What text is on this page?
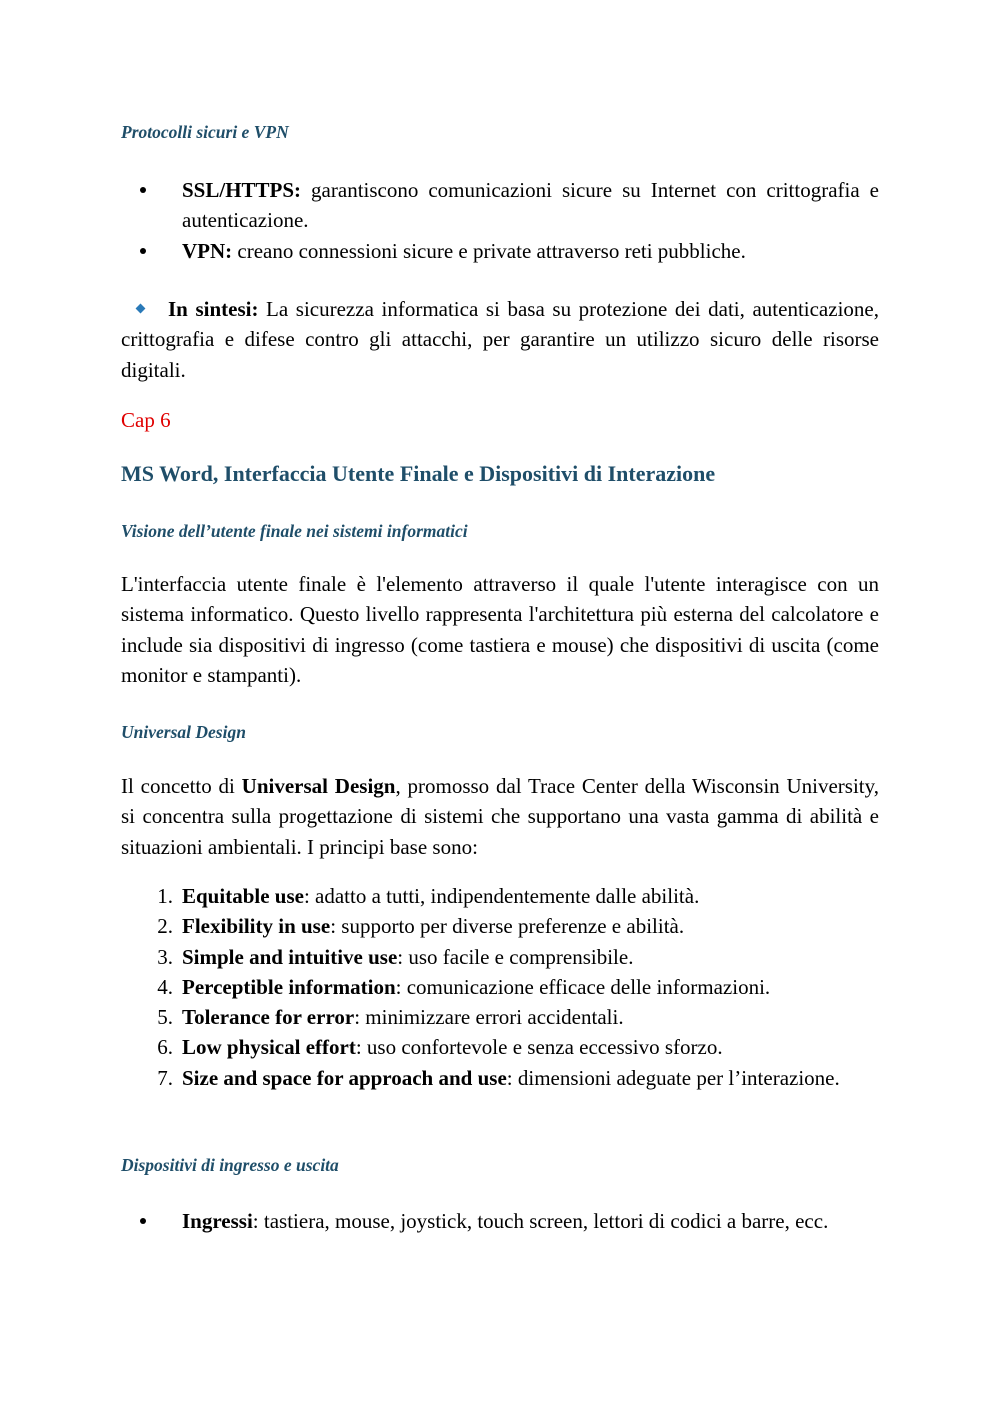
Protocolli sicuri e VPN
SSL/HTTPS: garantiscono comunicazioni sicure su Internet con crittografia e autenticazione.
VPN: creano connessioni sicure e private attraverso reti pubbliche.
In sintesi: La sicurezza informatica si basa su protezione dei dati, autenticazione, crittografia e difese contro gli attacchi, per garantire un utilizzo sicuro delle risorse digitali.
Cap 6
MS Word, Interfaccia Utente Finale e Dispositivi di Interazione
Visione dell’utente finale nei sistemi informatici
L'interfaccia utente finale è l'elemento attraverso il quale l'utente interagisce con un sistema informatico. Questo livello rappresenta l'architettura più esterna del calcolatore e include sia dispositivi di ingresso (come tastiera e mouse) che dispositivi di uscita (come monitor e stampanti).
Universal Design
Il concetto di Universal Design, promosso dal Trace Center della Wisconsin University, si concentra sulla progettazione di sistemi che supportano una vasta gamma di abilità e situazioni ambientali. I principi base sono:
1. Equitable use: adatto a tutti, indipendentemente dalle abilità.
2. Flexibility in use: supporto per diverse preferenze e abilità.
3. Simple and intuitive use: uso facile e comprensibile.
4. Perceptible information: comunicazione efficace delle informazioni.
5. Tolerance for error: minimizzare errori accidentali.
6. Low physical effort: uso confortevole e senza eccessivo sforzo.
7. Size and space for approach and use: dimensioni adeguate per l’interazione.
Dispositivi di ingresso e uscita
Ingressi: tastiera, mouse, joystick, touch screen, lettori di codici a barre, ecc.
